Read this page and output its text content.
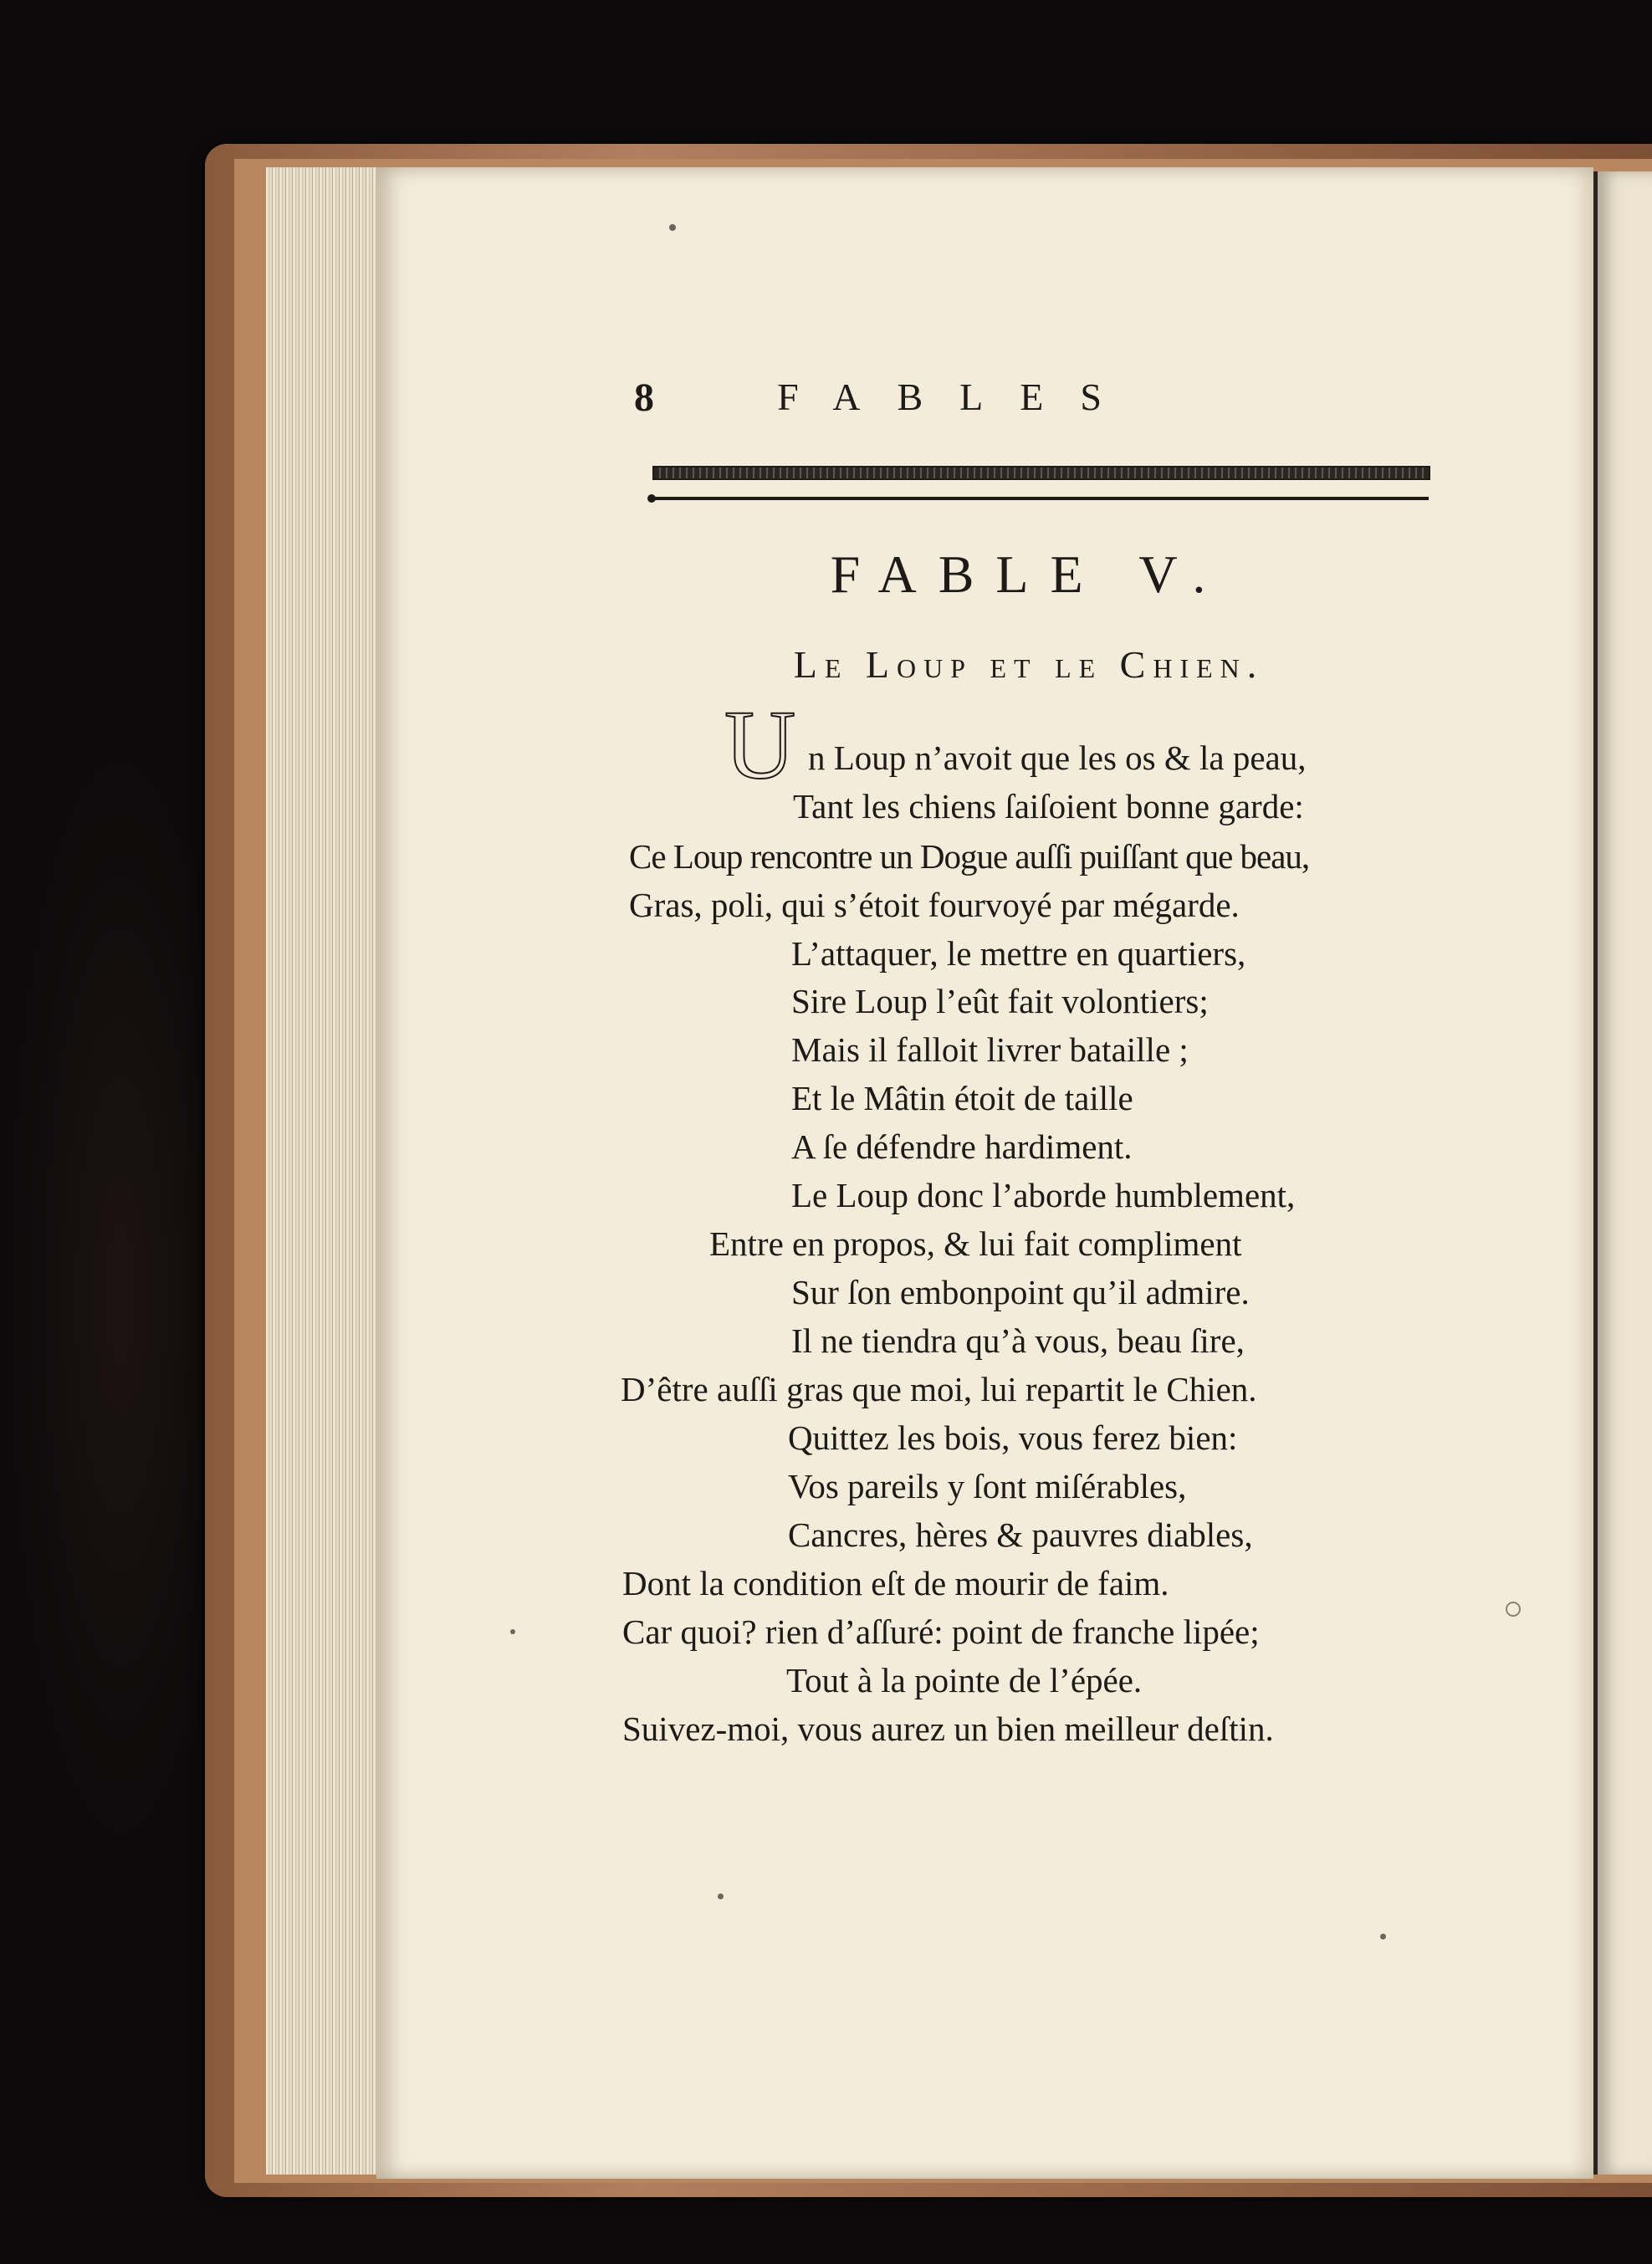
8	FABLES
FABLE V.
Le Loup et le Chien.
U n Loup n’avoit que les os & la peau,
Tant les chiens ſaiſoient bonne garde:
Ce Loup rencontre un Dogue auſſi puiſſant que beau,
Gras, poli, qui s’étoit fourvoyé par mégarde.
L’attaquer, le mettre en quartiers,
Sire Loup l’eût fait volontiers;
Mais il falloit livrer bataille ;
Et le Mâtin étoit de taille
A ſe défendre hardiment.
Le Loup donc l’aborde humblement,
Entre en propos, & lui fait compliment
Sur ſon embonpoint qu’il admire.
Il ne tiendra qu’à vous, beau ſire,
D’être auſſi gras que moi, lui repartit le Chien.
Quittez les bois, vous ferez bien:
Vos pareils y ſont miſérables,
Cancres, hères & pauvres diables,
Dont la condition eſt de mourir de faim.
Car quoi? rien d’aſſuré: point de franche lipée;
Tout à la pointe de l’épée.
Suivez-moi, vous aurez un bien meilleur deſtin.
